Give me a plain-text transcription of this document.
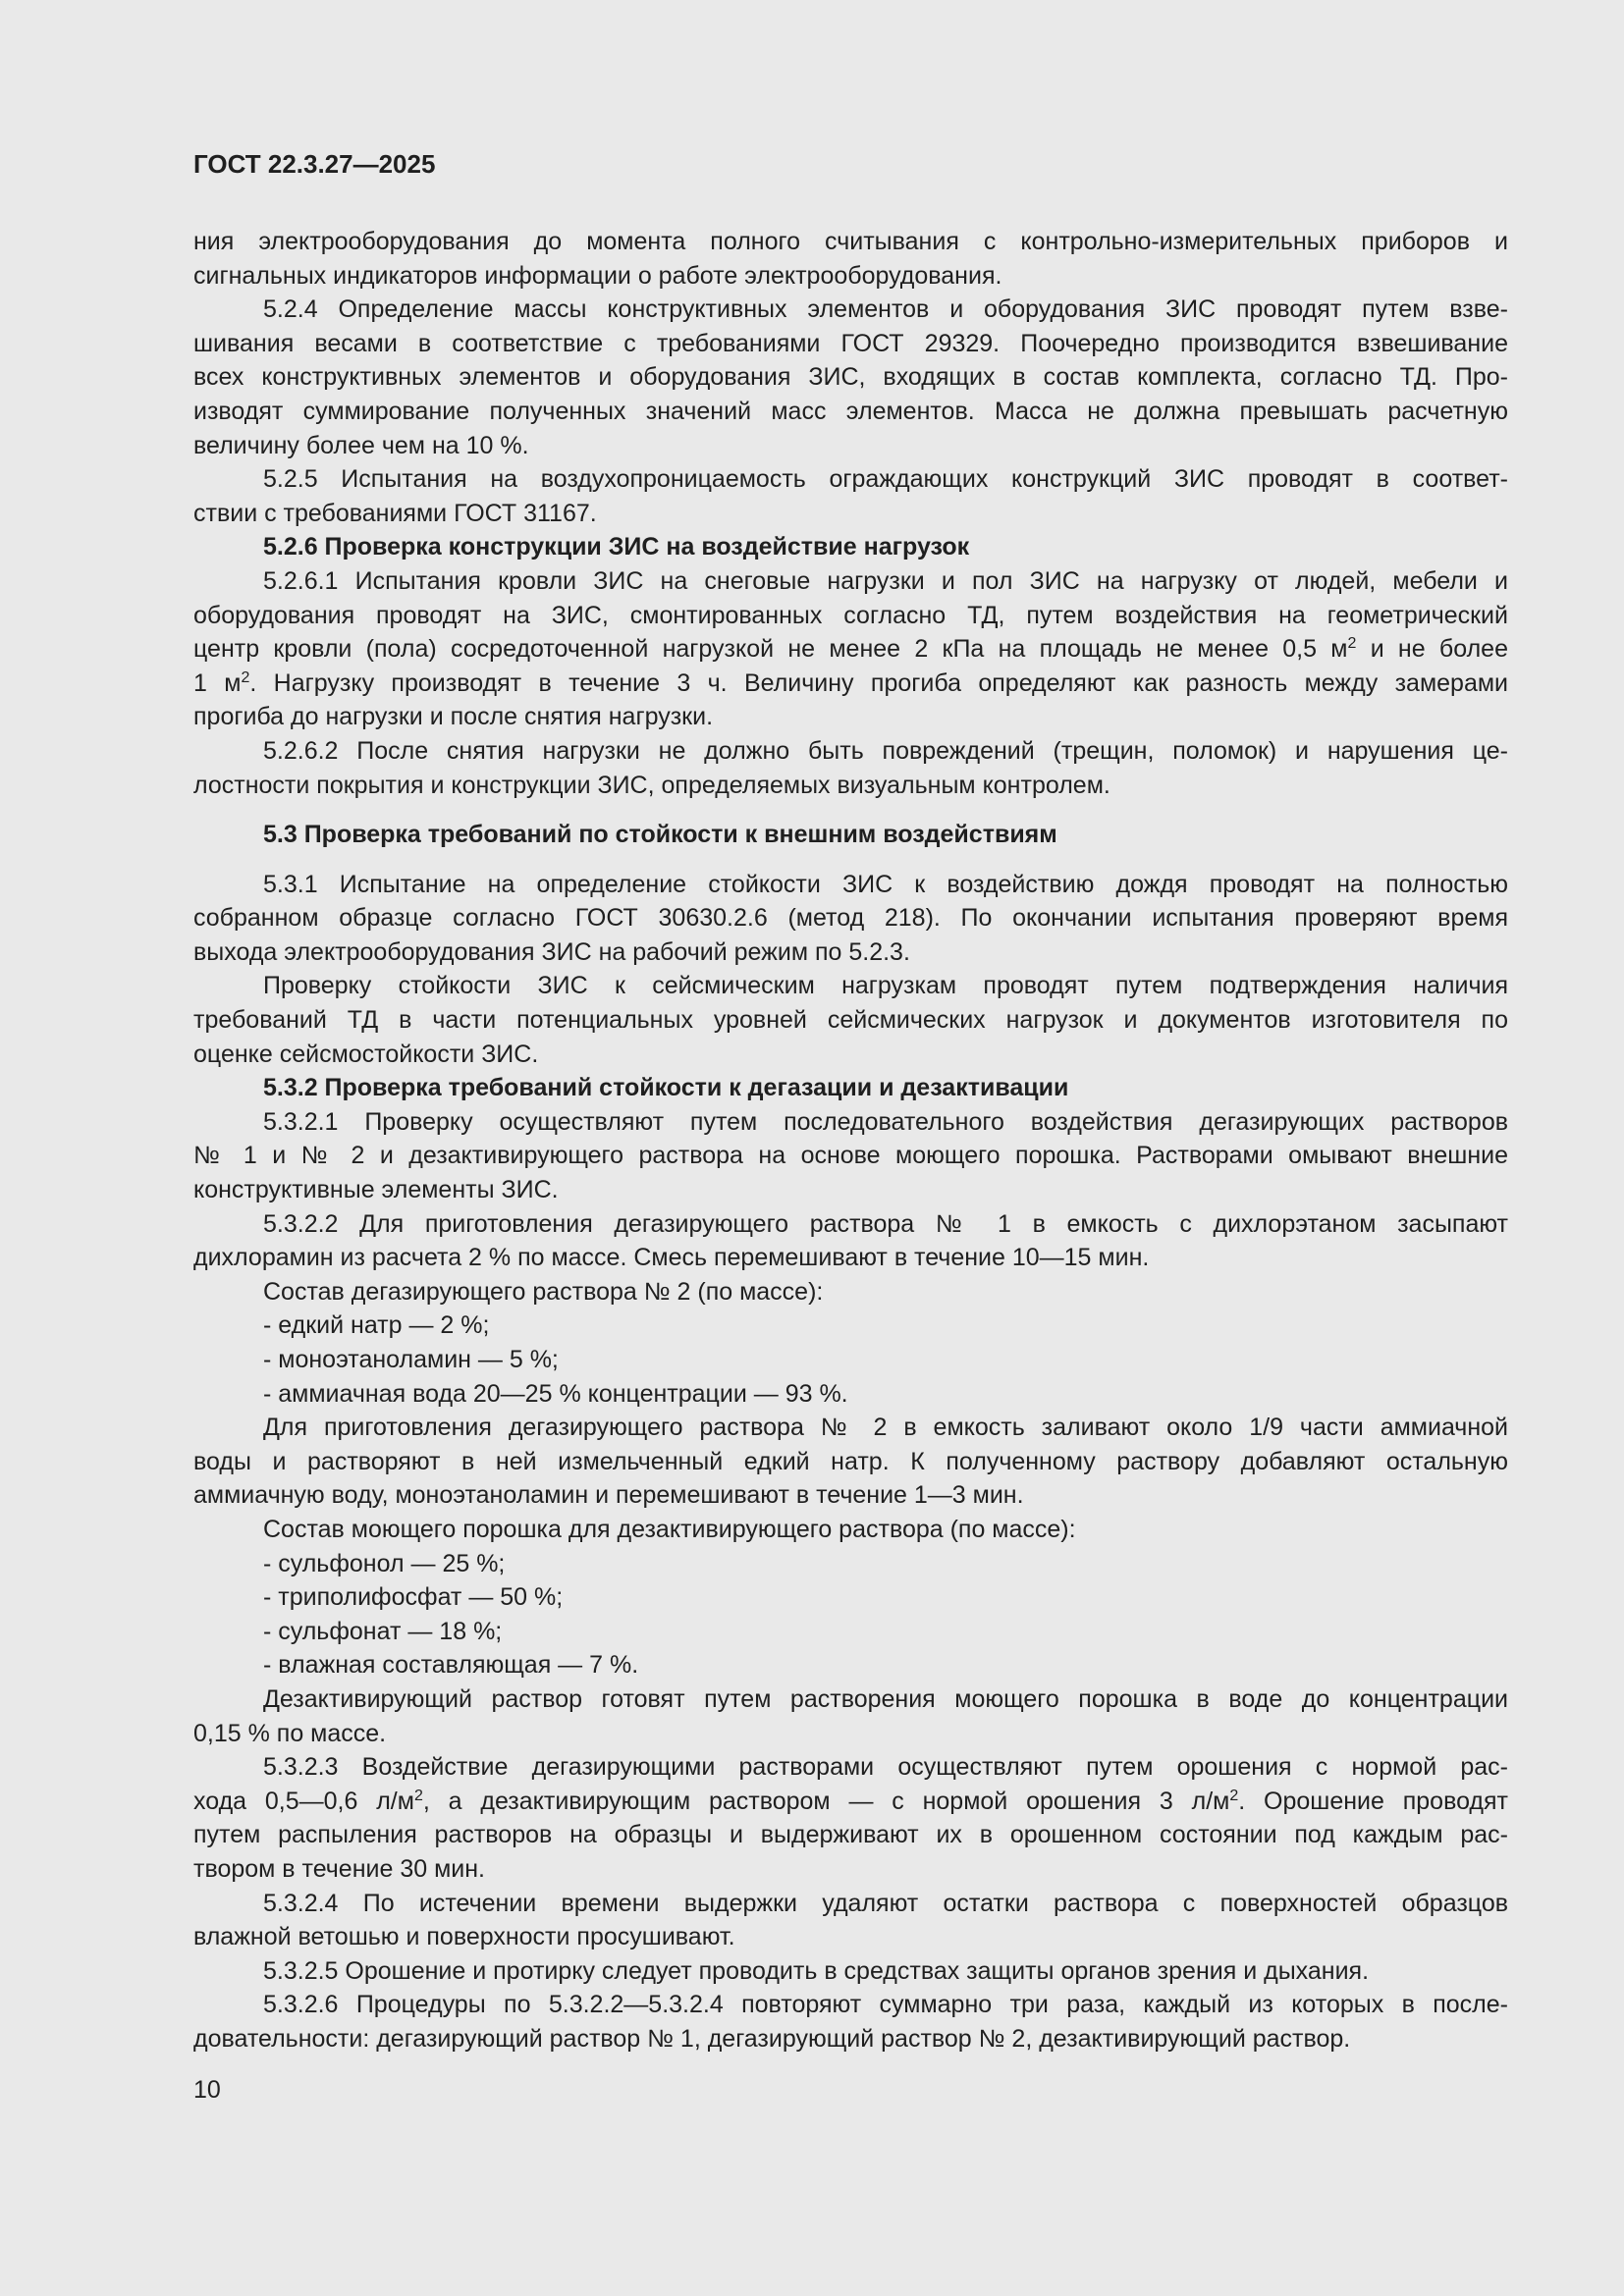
ГОСТ 22.3.27—2025
ния электрооборудования до момента полного считывания с контрольно-измерительных приборов и
сигнальных индикаторов информации о работе электрооборудования.
5.2.4 Определение массы конструктивных элементов и оборудования ЗИС проводят путем взве-
шивания весами в соответствие с требованиями ГОСТ 29329. Поочередно производится взвешивание
всех конструктивных элементов и оборудования ЗИС, входящих в состав комплекта, согласно ТД. Про-
изводят суммирование полученных значений масс элементов. Масса не должна превышать расчетную
величину более чем на 10 %.
5.2.5 Испытания на воздухопроницаемость ограждающих конструкций ЗИС проводят в соответ-
ствии с требованиями ГОСТ 31167.
5.2.6 Проверка конструкции ЗИС на воздействие нагрузок
5.2.6.1 Испытания кровли ЗИС на снеговые нагрузки и пол ЗИС на нагрузку от людей, мебели и
оборудования проводят на ЗИС, смонтированных согласно ТД, путем воздействия на геометрический
центр кровли (пола) сосредоточенной нагрузкой не менее 2 кПа на площадь не менее 0,5 $м^2$ и не более
1 $м^2$. Нагрузку производят в течение 3 ч. Величину прогиба определяют как разность между замерами
прогиба до нагрузки и после снятия нагрузки.
5.2.6.2 После снятия нагрузки не должно быть повреждений (трещин, поломок) и нарушения це-
лостности покрытия и конструкции ЗИС, определяемых визуальным контролем.
5.3 Проверка требований по стойкости к внешним воздействиям
5.3.1 Испытание на определение стойкости ЗИС к воздействию дождя проводят на полностью
собранном образце согласно ГОСТ 30630.2.6 (метод 218). По окончании испытания проверяют время
выхода электрооборудования ЗИС на рабочий режим по 5.2.3.
Проверку стойкости ЗИС к сейсмическим нагрузкам проводят путем подтверждения наличия
требований ТД в части потенциальных уровней сейсмических нагрузок и документов изготовителя по
оценке сейсмостойкости ЗИС.
5.3.2 Проверка требований стойкости к дегазации и дезактивации
5.3.2.1 Проверку осуществляют путем последовательного воздействия дегазирующих растворов
№ 1 и № 2 и дезактивирующего раствора на основе моющего порошка. Растворами омывают внешние
конструктивные элементы ЗИС.
5.3.2.2 Для приготовления дегазирующего раствора № 1 в емкость с дихлорэтаном засыпают
дихлорамин из расчета 2 % по массе. Смесь перемешивают в течение 10—15 мин.
Состав дегазирующего раствора № 2 (по массе):
- едкий натр — 2 %;
- моноэтаноламин — 5 %;
- аммиачная вода 20—25 % концентрации — 93 %.
Для приготовления дегазирующего раствора № 2 в емкость заливают около 1/9 части аммиачной
воды и растворяют в ней измельченный едкий натр. К полученному раствору добавляют остальную
аммиачную воду, моноэтаноламин и перемешивают в течение 1—3 мин.
Состав моющего порошка для дезактивирующего раствора (по массе):
- сульфонол — 25 %;
- триполифосфат — 50 %;
- сульфонат — 18 %;
- влажная составляющая — 7 %.
Дезактивирующий раствор готовят путем растворения моющего порошка в воде до концентрации
0,15 % по массе.
5.3.2.3 Воздействие дегазирующими растворами осуществляют путем орошения с нормой рас-
хода 0,5—0,6 $л/м^2$, а дезактивирующим раствором — с нормой орошения 3 $л/м^2$. Орошение проводят
путем распыления растворов на образцы и выдерживают их в орошенном состоянии под каждым рас-
твором в течение 30 мин.
5.3.2.4 По истечении времени выдержки удаляют остатки раствора с поверхностей образцов
влажной ветошью и поверхности просушивают.
5.3.2.5 Орошение и протирку следует проводить в средствах защиты органов зрения и дыхания.
5.3.2.6 Процедуры по 5.3.2.2—5.3.2.4 повторяют суммарно три раза, каждый из которых в после-
довательности: дегазирующий раствор № 1, дегазирующий раствор № 2, дезактивирующий раствор.
10
